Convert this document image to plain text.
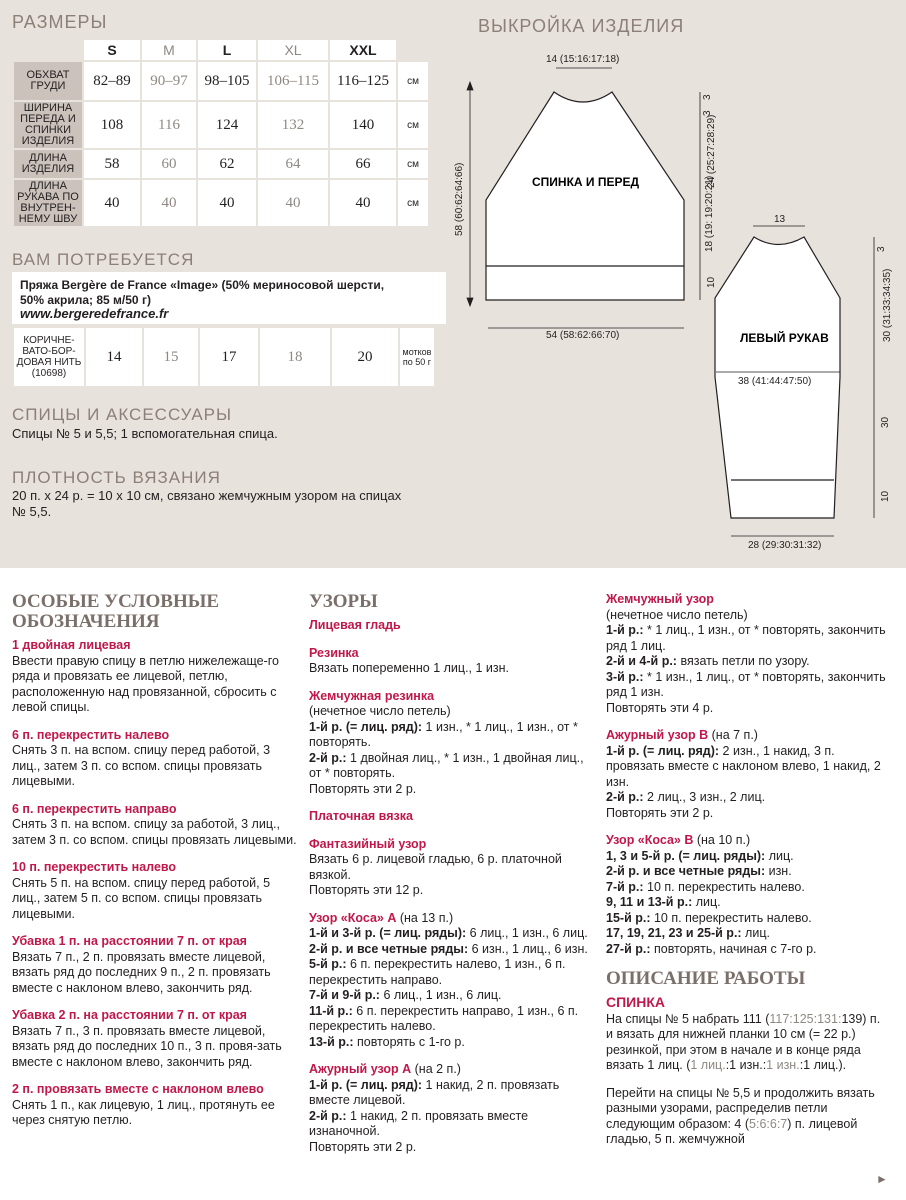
РАЗМЕРЫ
	S	M	L	XL	XXL	
ОБХВАТ ГРУДИ	82–89	90–97	98–105	106–115	116–125	см
ШИРИНА ПЕРЕДА И СПИНКИ ИЗДЕЛИЯ	108	116	124	132	140	см
ДЛИНА ИЗДЕЛИЯ	58	60	62	64	66	см
ДЛИНА РУКАВА ПО ВНУТРЕН-НЕМУ ШВУ	40	40	40	40	40	см
ВАМ ПОТРЕБУЕТСЯ
Пряжа Bergère de France «Image» (50% мериносовой шерсти, 50% акрила; 85 м/50 г)
www.bergeredefrance.fr
КОРИЧНЕ-ВАТО-БОР-ДОВАЯ НИТЬ
(10698)	14	15	17	18	20	мотков по 50 г
СПИЦЫ И АКСЕССУАРЫ
Спицы № 5 и 5,5; 1 вспомогательная спица.
ПЛОТНОСТЬ ВЯЗАНИЯ
20 п. х 24 р. = 10 х 10 см, связано жемчужным узором на спицах № 5,5.
ВЫКРОЙКА ИЗДЕЛИЯ
14 (15:16:17:18)
3
3
24 (25:27:28:29)
58 (60:62:64:66)	18 (19: 19:20:21)
10
54 (58:62:66:70)
13
3
30 (31:33:34:35)
38 (41:44:47:50)
30
10
28 (29:30:31:32)
СПИНКА И ПЕРЕД
ЛЕВЫЙ РУКАВ
ОСОБЫЕ УСЛОВНЫЕ ОБОЗНАЧЕНИЯ

1 двойная лицевая
Ввести правую спицу в петлю нижележаще-го ряда и провязать ее лицевой, петлю, расположенную над провязанной, сбросить с левой спицы.

6 п. перекрестить налево
Снять 3 п. на вспом. спицу перед работой, 3 лиц., затем 3 п. со вспом. спицы провязать лицевыми.

6 п. перекрестить направо
Снять 3 п. на вспом. спицу за работой, 3 лиц., затем 3 п. со вспом. спицы провязать лицевыми.

10 п. перекрестить налево
Снять 5 п. на вспом. спицу перед работой, 5 лиц., затем 5 п. со вспом. спицы провязать лицевыми.

Убавка 1 п. на расстоянии 7 п. от края
Вязать 7 п., 2 п. провязать вместе лицевой, вязать ряд до последних 9 п., 2 п. провязать вместе с наклоном влево, закончить ряд.

Убавка 2 п. на расстоянии 7 п. от края
Вязать 7 п., 3 п. провязать вместе лицевой, вязать ряд до последних 10 п., 3 п. провя-зать вместе с наклоном влево, закончить ряд.

2 п. провязать вместе с наклоном влево
Снять 1 п., как лицевую, 1 лиц., протянуть ее через снятую петлю.

УЗОРЫ

Лицевая гладь

Резинка
Вязать попеременно 1 лиц., 1 изн.

Жемчужная резинка
(нечетное число петель)
1-й р. (= лиц. ряд): 1 изн., * 1 лиц., 1 изн., от * повторять.
2-й р.: 1 двойная лиц., * 1 изн., 1 двойная лиц., от * повторять.
Повторять эти 2 р.

Платочная вязка

Фантазийный узор
Вязать 6 р. лицевой гладью, 6 р. платочной вязкой.
Повторять эти 12 р.

Узор «Коса» А (на 13 п.)
1-й и 3-й р. (= лиц. ряды): 6 лиц., 1 изн., 6 лиц.
2-й р. и все четные ряды: 6 изн., 1 лиц., 6 изн.
5-й р.: 6 п. перекрестить налево, 1 изн., 6 п. перекрестить направо.
7-й и 9-й р.: 6 лиц., 1 изн., 6 лиц.
11-й р.: 6 п. перекрестить направо, 1 изн., 6 п. перекрестить налево.
13-й р.: повторять с 1-го р.

Ажурный узор А (на 2 п.)
1-й р. (= лиц. ряд): 1 накид, 2 п. провязать вместе лицевой.
2-й р.: 1 накид, 2 п. провязать вместе изнаночной.
Повторять эти 2 р.

Жемчужный узор
(нечетное число петель)
1-й р.: * 1 лиц., 1 изн., от * повторять, закончить ряд 1 лиц.
2-й и 4-й р.: вязать петли по узору.
3-й р.: * 1 изн., 1 лиц., от * повторять, закончить ряд 1 изн.
Повторять эти 4 р.

Ажурный узор В (на 7 п.)
1-й р. (= лиц. ряд): 2 изн., 1 накид, 3 п. провязать вместе с наклоном влево, 1 накид, 2 изн.
2-й р.: 2 лиц., 3 изн., 2 лиц.
Повторять эти 2 р.

Узор «Коса» В (на 10 п.)
1, 3 и 5-й р. (= лиц. ряды): лиц.
2-й р. и все четные ряды: изн.
7-й р.: 10 п. перекрестить налево.
9, 11 и 13-й р.: лиц.
15-й р.: 10 п. перекрестить налево.
17, 19, 21, 23 и 25-й р.: лиц.
27-й р.: повторять, начиная с 7-го р.

ОПИСАНИЕ РАБОТЫ

СПИНКА
На спицы № 5 набрать 111 (117:125:131:139) п. и вязать для нижней планки 10 см (= 22 р.) резинкой, при этом в начале и в конце ряда вязать 1 лиц. (1 лиц.:1 изн.:1 изн.:1 лиц.).

Перейти на спицы № 5,5 и продолжить вязать разными узорами, распределив петли следующим образом: 4 (5:6:6:7) п. лицевой гладью, 5 п. жемчужной

►
